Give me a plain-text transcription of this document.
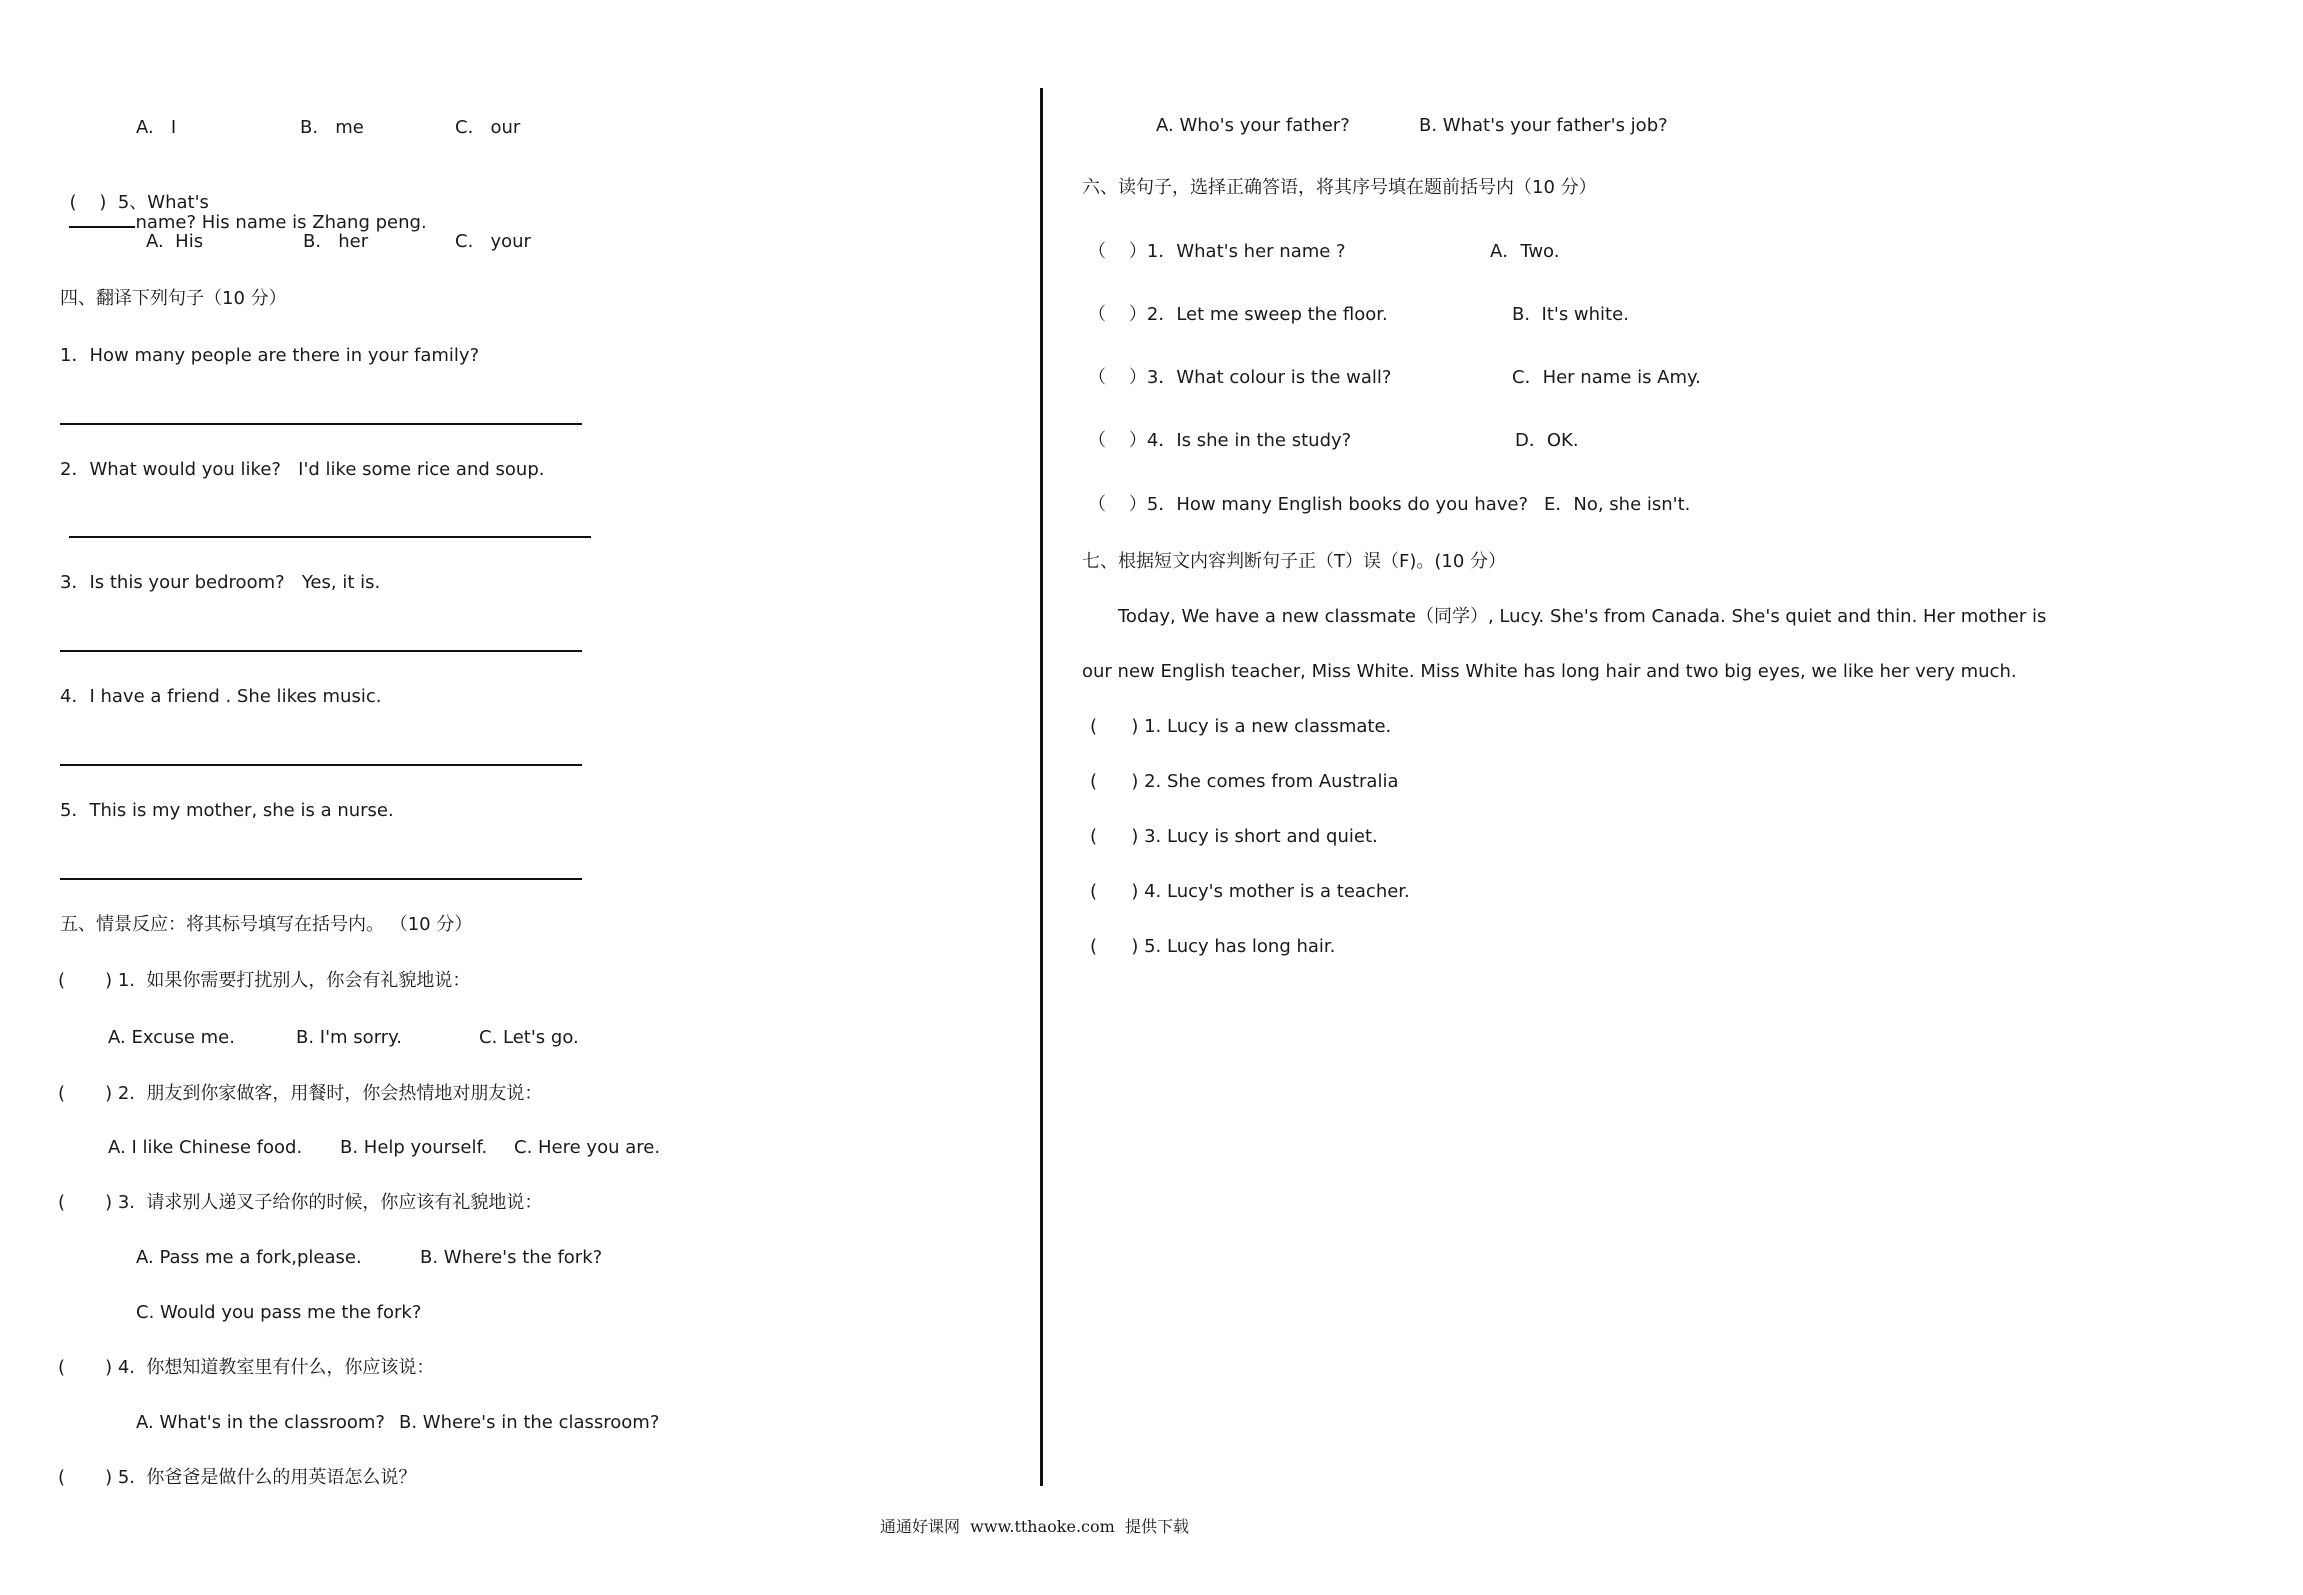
A.   I	B.   me	C.   our

(    )  5、What's
name? His name is Zhang peng.

A.  His	B.   her	C.   your
四、翻译下列句子（10 分）
1．How many people are there in your family?
2．What would you like?   I'd like some rice and soup.
3．Is this your bedroom?   Yes, it is.
4．I have a friend . She likes music.
5．This is my mother, she is a nurse.
五、情景反应：将其标号填写在括号内。 （10 分）
(       ) 1.  如果你需要打扰别人，你会有礼貌地说：
A. Excuse me.	B. I'm sorry.	C. Let's go.
(       ) 2.  朋友到你家做客，用餐时，你会热情地对朋友说：
A. I like Chinese food. B. Help yourself. C. Here you are.
(       ) 3.  请求别人递叉子给你的时候，你应该有礼貌地说：
A. Pass me a fork,please.	B. Where's the fork?
C. Would you pass me the fork?
(       ) 4.  你想知道教室里有什么，你应该说：
A. What's in the classroom? B. Where's in the classroom?
(       ) 5.  你爸爸是做什么的用英语怎么说？
A. Who's your father?	B. What's your father's job?
六、读句子，选择正确答语，将其序号填在题前括号内（10 分）
（    ）1．What's her name ?	A．Two.
（    ）2．Let me sweep the floor.	B.  It's white.
（    ）3．What colour is the wall?	C．Her name is Amy.
（    ）4．Is she in the study?	D．OK.
（    ）5．How many English books do you have? E．No, she isn't.
七、根据短文内容判断句子正（T）误（F)。(10 分）
Today, We have a new classmate（同学）, Lucy. She's from Canada. She's quiet and thin. Her mother is
our new English teacher, Miss White. Miss White has long hair and two big eyes, we like her very much.
(      ) 1. Lucy is a new classmate.
(      ) 2. She comes from Australia
(      ) 3. Lucy is short and quiet.
(      ) 4. Lucy's mother is a teacher.
(      ) 5. Lucy has long hair.
通通好课网  www.tthaoke.com  提供下载
